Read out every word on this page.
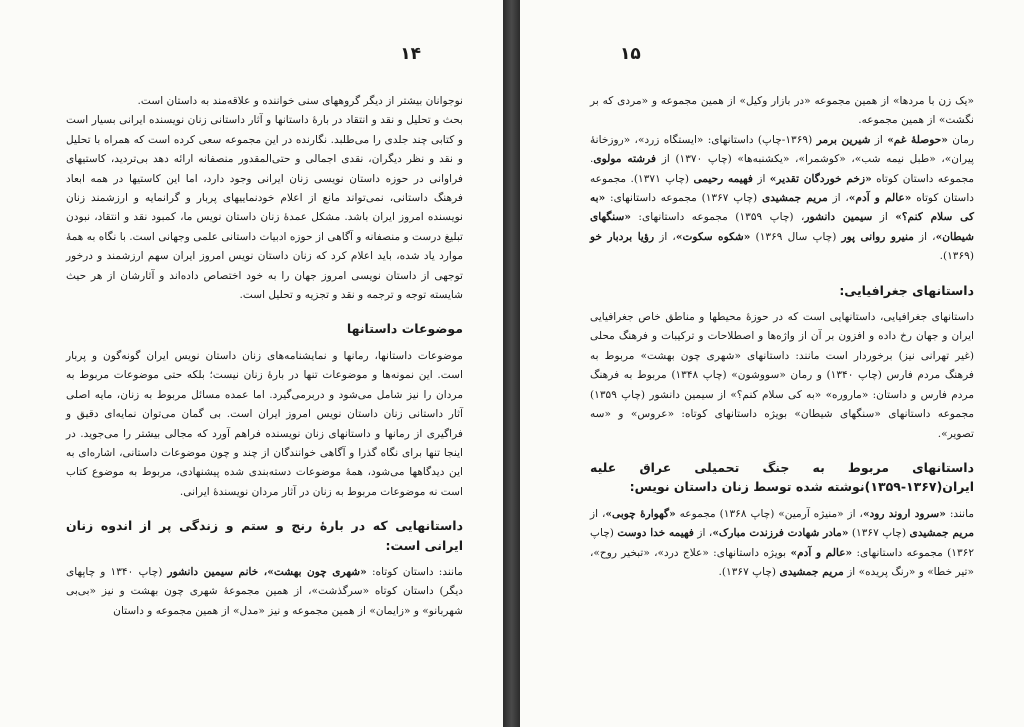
۱۴

نوجوانان بیشتر از دیگر گروههای سنی خواننده و علاقه‌مند به داستان است.

بحث و تحلیل و نقد و انتقاد در بارهٔ داستانها و آثار داستانی زنان نویسنده ایرانی بسیار است و کتابی چند جلدی را می‌طلبد. نگارنده در این مجموعه سعی کرده است که همراه با تحلیل و نقد و نظر دیگران، نقدی اجمالی و حتی‌المقدور منصفانه ارائه دهد بی‌تردید، کاستیهای فراوانی در حوزه داستان نویسی زنان ایرانی وجود دارد، اما این کاستیها در همه ابعاد فرهنگ داستانی، نمی‌تواند مانع از اعلام خودنماییهای پربار و گرانمایه و ارزشمند زنان نویسنده امروز ایران باشد. مشکل عمدهٔ زنان داستان نویس ما، کمبود نقد و انتقاد، نبودن تبلیغ درست و منصفانه و آگاهی از حوزه ادبیات داستانی علمی وجهانی است. با نگاه به همهٔ موارد یاد شده، باید اعلام کرد که زنان داستان نویس امروز ایران سهم ارزشمند و درخور توجهی از داستان نویسی امروز جهان را به خود اختصاص داده‌اند و آثارشان از هر حیث شایسته توجه و ترجمه و نقد و تجزیه و تحلیل است.

موضوعات داستانها

موضوعات داستانها، رمانها و نمایشنامه‌های زنان داستان نویس ایران گونه‌گون و پربار است. این نمونه‌ها و موضوعات تنها در بارهٔ زنان نیست؛ بلکه حتی موضوعات مربوط به مردان را نیز شامل می‌شود و دربرمی‌گیرد. اما عمده مسائل مربوط به زنان، مایه اصلی آثار داستانی زنان داستان نویس امروز ایران است. بی گمان می‌توان نمایه‌ای دقیق و فراگیری از رمانها و داستانهای زنان نویسنده فراهم آورد که مجالی بیشتر را می‌جوید. در اینجا تنها برای نگاه گذرا و آگاهی خوانندگان از چند و چون موضوعات داستانی، اشاره‌ای به این دیدگاهها می‌شود، همهٔ موضوعات دسته‌بندی شده پیشنهادی، مربوط به موضوع کتاب است نه موضوعات مربوط به زنان در آثار مردان نویسندهٔ ایرانی.

داستانهایی که در بارهٔ رنج و ستم و زندگی پر از اندوه زنان ایرانی است:

مانند: داستان کوتاه: «شهری چون بهشت»، خانم سیمین دانشور (چاپ ۱۳۴۰ و چاپهای دیگر) داستان کوتاه «سرگذشت»، از همین مجموعهٔ شهری چون بهشت و نیز «بی‌بی شهربانو» و «زایمان» از همین مجموعه و نیز «مدل» از همین مجموعه و داستان

۱۵

«یک زن با مردها» از همین مجموعه «در بازار وکیل» از همین مجموعه و «مردی که بر نگشت» از همین مجموعه.

رمان «حوصلهٔ غم» از شیرین برمر (۱۳۶۹-چاپ) داستانهای: «ایستگاه زرد»، «روزخانهٔ پیران»، «طبل نیمه شب»، «کوشمرا»، «یکشنبه‌ها» (چاپ ۱۳۷۰) از فرشته مولوی. مجموعه داستان کوتاه «زخم خوردگان تقدیر» از فهیمه رحیمی (چاپ ۱۳۷۱). مجموعه داستان کوتاه «عالم و آدم»، از مریم جمشیدی (چاپ ۱۳۶۷) مجموعه داستانهای: «به کی سلام کنم؟» از سیمین دانشور، (چاپ ۱۳۵۹) مجموعه داستانهای: «سنگهای شیطان»، از منیرو روانی پور (چاپ سال ۱۳۶۹) «شکوه سکوت»، از رؤیا بردبار خو (۱۳۶۹).

داستانهای جغرافیایی:

داستانهای جغرافیایی، داستانهایی است که در حوزهٔ محیطها و مناطق خاص جغرافیایی ایران و جهان رخ داده و افزون بر آن از واژه‌ها و اصطلاحات و ترکیبات و فرهنگ محلی (غیر تهرانی نیز) برخوردار است مانند: داستانهای «شهری چون بهشت» مربوط به فرهنگ مردم فارس (چاپ ۱۳۴۰) و رمان «سووشون» (چاپ ۱۳۴۸) مربوط به فرهنگ مردم فارس و داستان: «ماروره» «به کی سلام کنم؟» از سیمین دانشور (چاپ ۱۳۵۹) مجموعه داستانهای «سنگهای شیطان» بویژه داستانهای کوتاه: «عروس» و «سه تصویر».

داستانهای مربوط به جنگ تحمیلی عراق علیه ایران(۱۳۶۷-۱۳۵۹)نوشته شده توسط زنان داستان نویس:

مانند: «سرود اروند رود»، از «منیژه آرمین» (چاپ ۱۳۶۸) مجموعه «گهوارهٔ چوبی»، از مریم جمشیدی (چاپ ۱۳۶۷) «مادر شهادت فرزندت مبارک»، از فهیمه خدا دوست (چاپ ۱۳۶۲) مجموعه داستانهای: «عالم و آدم» بویژه داستانهای: «علاج درد»، «تبخیر روح»، «تیر خطا» و «رنگ پریده» از مریم جمشیدی (چاپ ۱۳۶۷).
